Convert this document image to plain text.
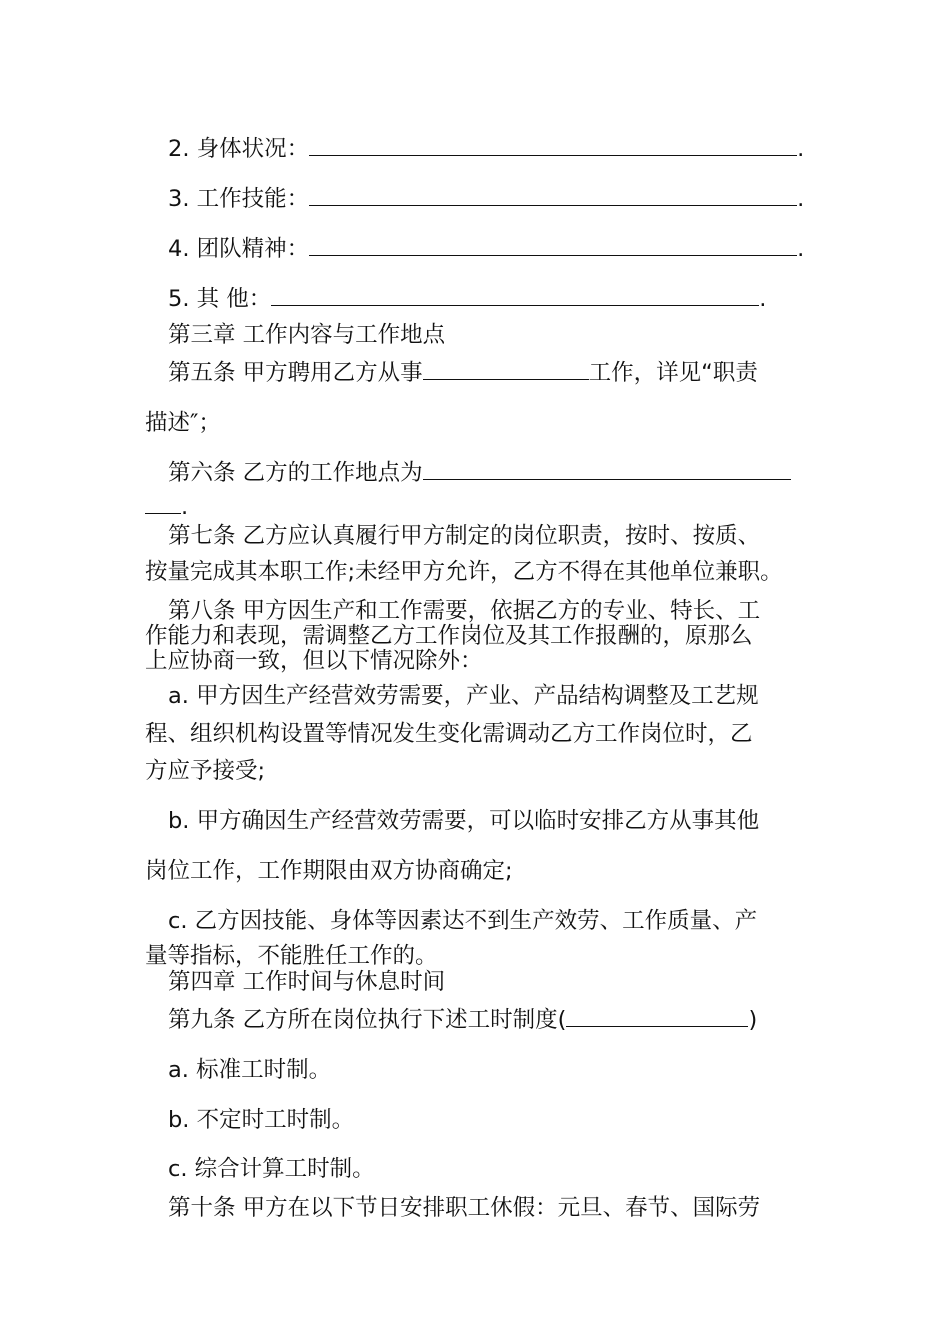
2. 身体状况：	.
3. 工作技能：	.
4. 团队精神：	.
5. 其 他：	.
第三章 工作内容与工作地点
第五条 甲方聘用乙方从事	工作，详见“职责
描述″；
第六条 乙方的工作地点为
.
第七条 乙方应认真履行甲方制定的岗位职责，按时、按质、
按量完成其本职工作;未经甲方允许，乙方不得在其他单位兼职。
第八条 甲方因生产和工作需要，依据乙方的专业、特长、工
作能力和表现，需调整乙方工作岗位及其工作报酬的，原那么
上应协商一致，但以下情况除外：
a. 甲方因生产经营效劳需要，产业、产品结构调整及工艺规
程、组织机构设置等情况发生变化需调动乙方工作岗位时，乙
方应予接受;
b. 甲方确因生产经营效劳需要，可以临时安排乙方从事其他
岗位工作，工作期限由双方协商确定;
c. 乙方因技能、身体等因素达不到生产效劳、工作质量、产
量等指标，不能胜任工作的。
第四章 工作时间与休息时间
第九条 乙方所在岗位执行下述工时制度(	)
a. 标准工时制。
b. 不定时工时制。
c. 综合计算工时制。
第十条 甲方在以下节日安排职工休假：元旦、春节、国际劳
